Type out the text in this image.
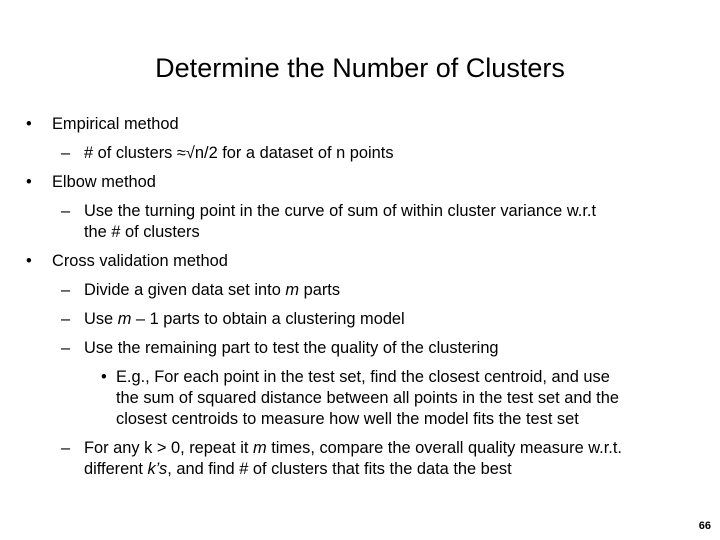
Determine the Number of Clusters
• Empirical method
– # of clusters ≈√n/2 for a dataset of n points
• Elbow method
– Use the turning point in the curve of sum of within cluster variance w.r.t
the # of clusters
• Cross validation method
– Divide a given data set into m parts
– Use m – 1 parts to obtain a clustering model
– Use the remaining part to test the quality of the clustering
• E.g., For each point in the test set, find the closest centroid, and use
the sum of squared distance between all points in the test set and the
closest centroids to measure how well the model fits the test set
– For any k > 0, repeat it m times, compare the overall quality measure w.r.t.
different k’s, and find # of clusters that fits the data the best
66
